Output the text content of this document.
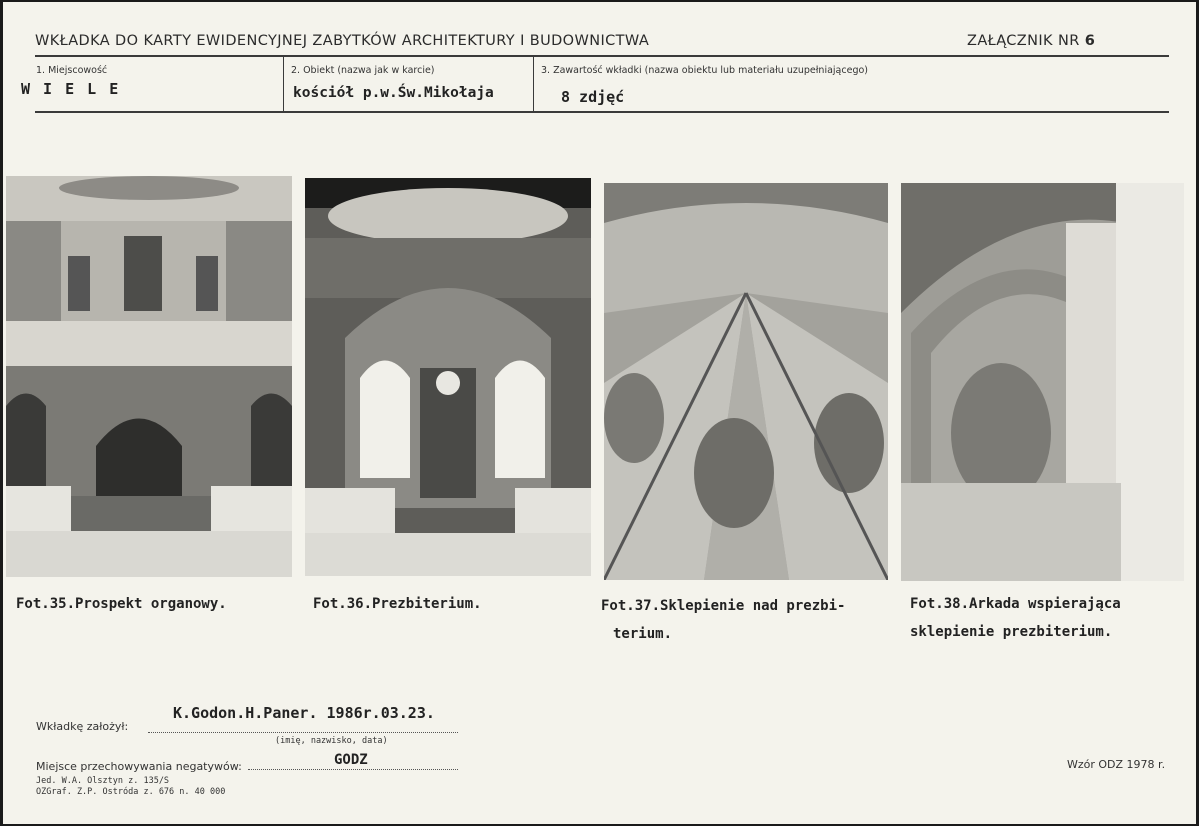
WKŁADKA DO KARTY EWIDENCYJNEJ ZABYTKÓW ARCHITEKTURY I BUDOWNICTWA	ZAŁĄCZNIK NR 6
1. Miejscowość
W I E L E
2. Obiekt (nazwa jak w karcie)
kościół p.w.Św.Mikołaja
3. Zawartość wkładki (nazwa obiektu lub materiału uzupełniającego)
8 zdjęć
Fot.35.Prospekt organowy.	Fot.36.Prezbiterium.	Fot.37.Sklepienie nad prezbi-
terium.
Fot.38.Arkada wspierająca
sklepienie prezbiterium.
Wkładkę założył:
K.Godon.H.Paner. 1986r.03.23.
(imię, nazwisko, data)
Miejsce przechowywania negatywów:	GODZ
Jed. W.A. Olsztyn z. 135/S
OZGraf. Z.P. Ostróda z. 676 n. 40 000
Wzór ODZ 1978 r.
